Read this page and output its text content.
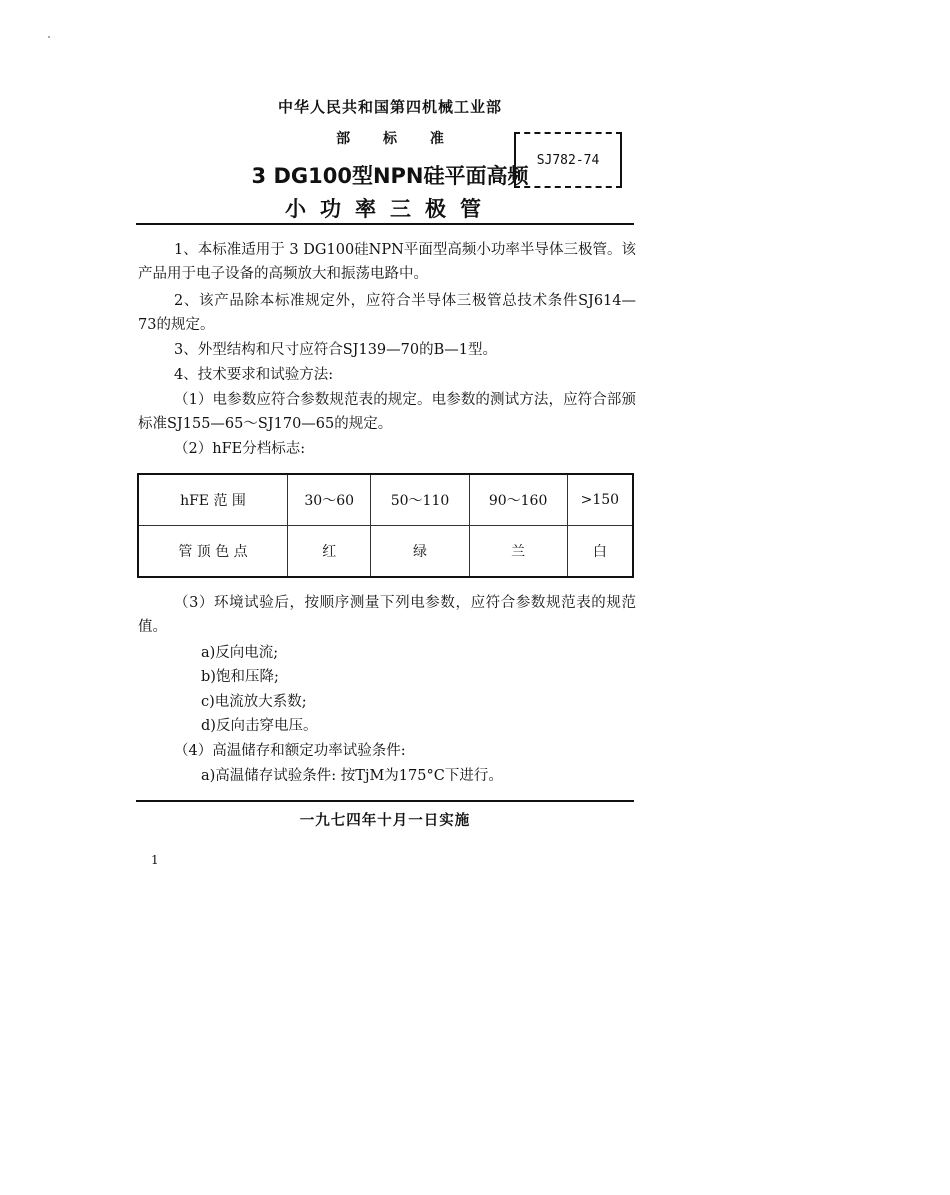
中华人民共和国第四机械工业部
部 标 准
3 DG100型NPN硅平面高频
小功率三极管
SJ782-74
1、本标准适用于 3 DG100硅NPN平面型高频小功率半导体三极管。该产品用于电子设备的高频放大和振荡电路中。
2、该产品除本标准规定外，应符合半导体三极管总技术条件SJ614—73的规定。
3、外型结构和尺寸应符合SJ139—70的B—1型。
4、技术要求和试验方法:
（1）电参数应符合参数规范表的规定。电参数的测试方法，应符合部颁标准SJ155—65～SJ170—65的规定。
（2）hFE分档标志:
hFE 范 围	30～60	50～110	90～160	>150
管 顶 色 点	红	绿	兰	白
（3）环境试验后，按顺序测量下列电参数，应符合参数规范表的规范值。
a)反向电流;
b)饱和压降;
c)电流放大系数;
d)反向击穿电压。
（4）高温储存和额定功率试验条件:
a)高温储存试验条件: 按TjM为175°C下进行。
一九七四年十月一日实施
1
